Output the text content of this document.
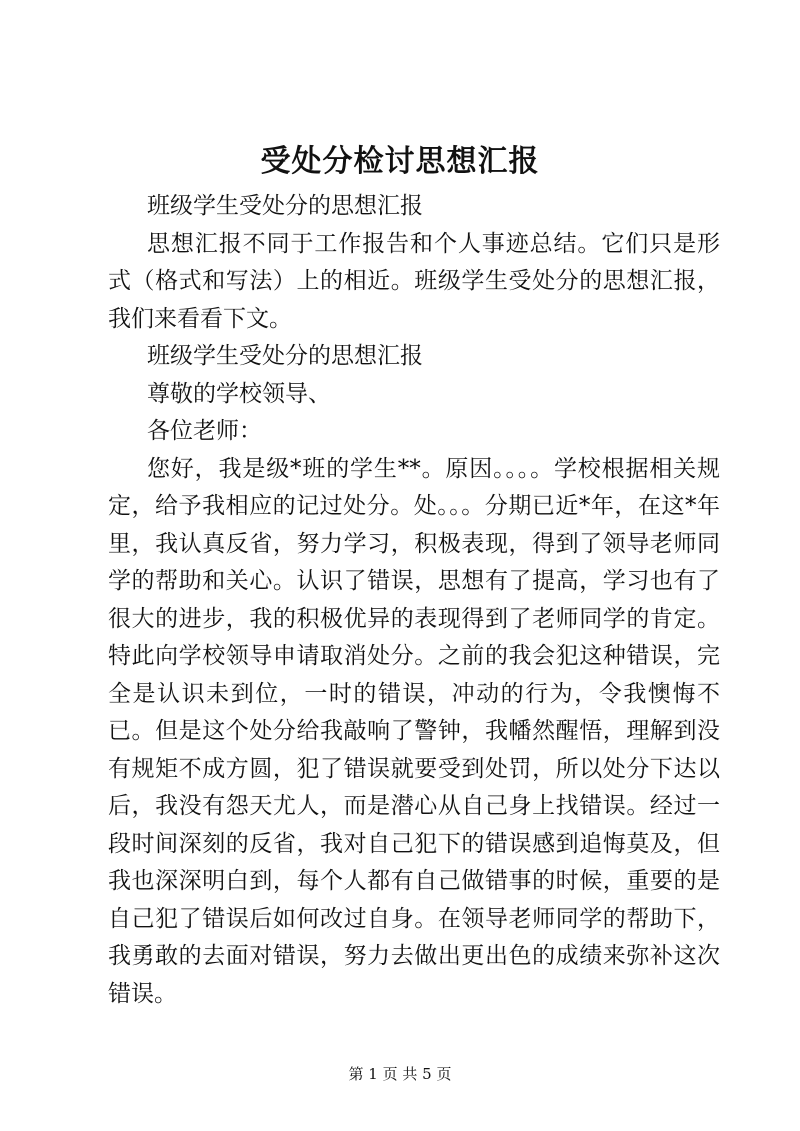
受处分检讨思想汇报

班级学生受处分的思想汇报

思想汇报不同于工作报告和个人事迹总结。它们只是形式（格式和写法）上的相近。班级学生受处分的思想汇报，我们来看看下文。

班级学生受处分的思想汇报

尊敬的学校领导、

各位老师：

您好，我是级*班的学生**。原因。。。。学校根据相关规定，给予我相应的记过处分。处。。。分期已近*年，在这*年里，我认真反省，努力学习，积极表现，得到了领导老师同学的帮助和关心。认识了错误，思想有了提高，学习也有了很大的进步，我的积极优异的表现得到了老师同学的肯定。特此向学校领导申请取消处分。之前的我会犯这种错误，完全是认识未到位，一时的错误，冲动的行为，令我懊悔不已。但是这个处分给我敲响了警钟，我幡然醒悟，理解到没有规矩不成方圆，犯了错误就要受到处罚，所以处分下达以后，我没有怨天尤人，而是潜心从自己身上找错误。经过一段时间深刻的反省，我对自己犯下的错误感到追悔莫及，但我也深深明白到，每个人都有自己做错事的时候，重要的是自己犯了错误后如何改过自身。在领导老师同学的帮助下，我勇敢的去面对错误，努力去做出更出色的成绩来弥补这次错误。

第 1 页 共 5 页
